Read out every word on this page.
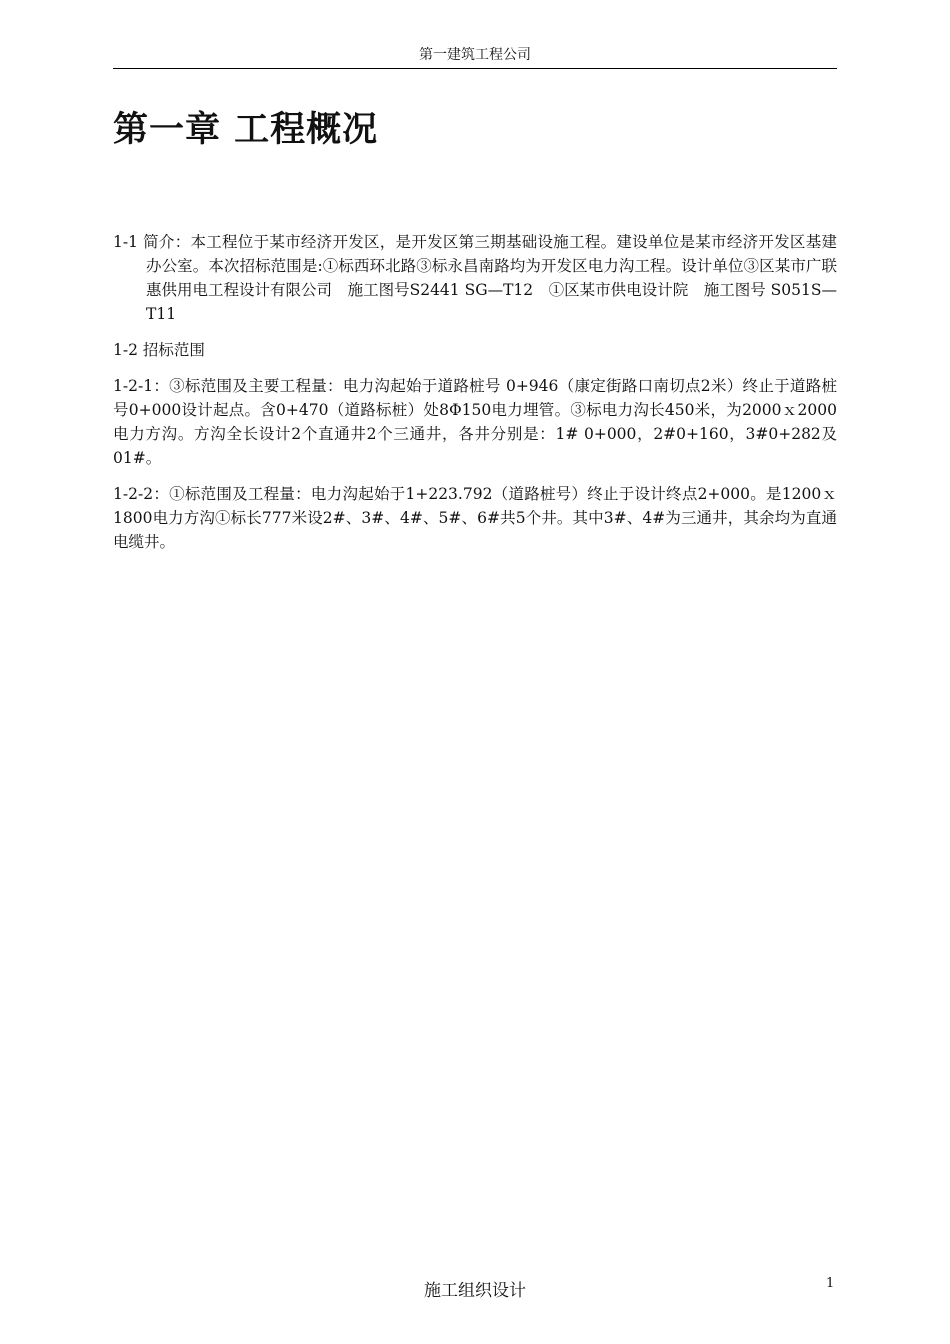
第一建筑工程公司
第一章 工程概况

1-1 简介：本工程位于某市经济开发区，是开发区第三期基础设施工程。建设单位是某市经济开发区基建办公室。本次招标范围是:①标西环北路③标永昌南路均为开发区电力沟工程。设计单位③区某市广联惠供用电工程设计有限公司　施工图号S2441 SG—T12　①区某市供电设计院　施工图号 S051S—T11

1-2 招标范围

1-2-1：③标范围及主要工程量：电力沟起始于道路桩号 0+946（康定街路口南切点2米）终止于道路桩号0+000设计起点。含0+470（道路标桩）处8Φ150电力埋管。③标电力沟长450米，为2000ｘ2000电力方沟。方沟全长设计2个直通井2个三通井，各井分别是：1# 0+000，2#0+160，3#0+282及01#。

1-2-2：①标范围及工程量：电力沟起始于1+223.792（道路桩号）终止于设计终点2+000。是1200ｘ1800电力方沟①标长777米设2#、3#、4#、5#、6#共5个井。其中3#、4#为三通井，其余均为直通电缆井。

施工组织设计	1
